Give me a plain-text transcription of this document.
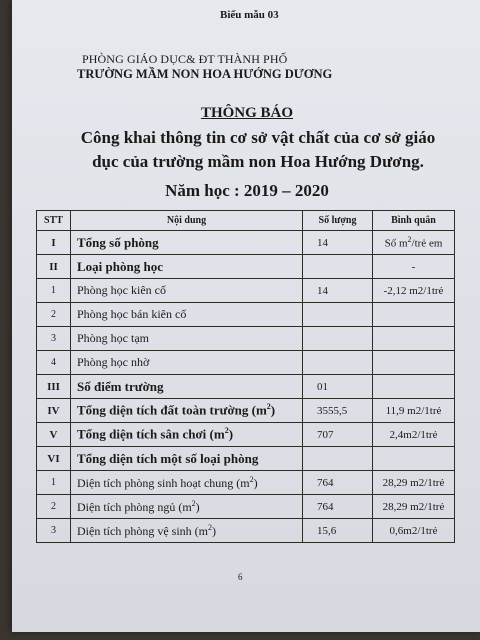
Biểu mẫu 03
PHÒNG GIÁO DỤC& ĐT THÀNH PHỐ
TRƯỜNG MẦM NON HOA HƯỚNG DƯƠNG
THÔNG BÁO
Công khai thông tin cơ sở vật chất của cơ sở giáo
dục của trường mầm non Hoa Hướng Dương.
Năm học : 2019 – 2020
STT	Nội dung	Số lượng	Bình quân
I	Tổng số phòng	14	Số $m^2$/trẻ em
II	Loại phòng học		-
1	Phòng học kiên cố	14	-2,12 m2/1trẻ
2	Phòng học bán kiên cố		
3	Phòng học tạm		
4	Phòng học nhờ		
III	Số điểm trường	01	
IV	Tổng diện tích đất toàn trường $(m^2)$	3555,5	11,9 m2/1trẻ
V	Tổng diện tích sân chơi $(m^2)$	707	2,4m2/1trẻ
VI	Tổng diện tích một số loại phòng		
1	Diện tích phòng sinh hoạt chung $(m^2)$	764	28,29 m2/1trẻ
2	Diện tích phòng ngủ $(m^2)$	764	28,29 m2/1trẻ
3	Diện tích phòng vệ $\sinh (m^2)$	15,6	0,6m2/1trẻ
6
